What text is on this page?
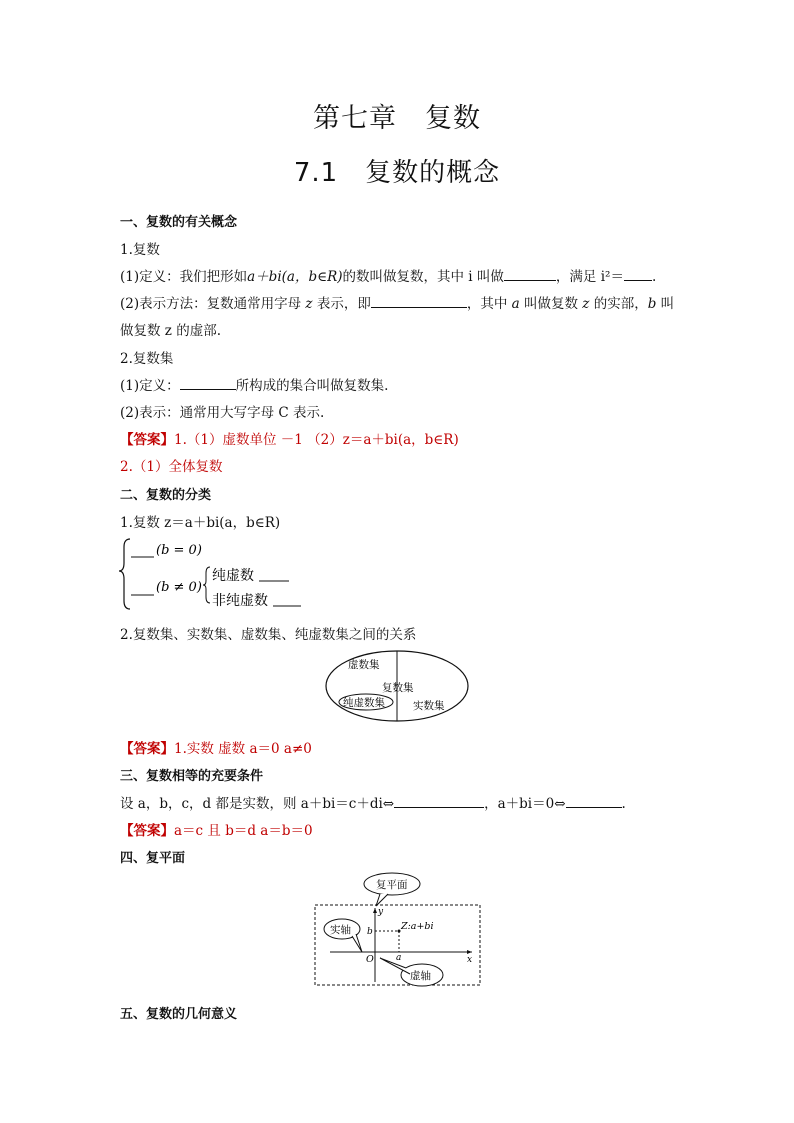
第七章　复数
7.1　复数的概念
一、复数的有关概念
1.复数
(1)定义：我们把形如a＋bi(a，b∈R)的数叫做复数，其中 i 叫做	，满足 i²＝ .
(2)表示方法：复数通常用字母 z 表示，即	，其中 a 叫做复数 z 的实部，b 叫
做复数 z 的虚部.
2.复数集
(1)定义：	所构成的集合叫做复数集.
(2)表示：通常用大写字母 C 表示.
【答案】1.（1）虚数单位 －1 （2）z＝a＋bi(a，b∈R)
2.（1）全体复数
二、复数的分类
1.复数 z＝a＋bi(a，b∈R)
(b = 0)
(b ≠ 0)
纯虚数
非纯虚数
2.复数集、实数集、虚数集、纯虚数集之间的关系
虚数集
复数集
纯虚数集	实数集
【答案】1.实数 虚数 a＝0 a≠0
三、复数相等的充要条件
设 a，b，c，d 都是实数，则 a＋bi＝c＋di⇔	，a＋bi＝0⇔	.
【答案】a＝c 且 b＝d a＝b＝0
四、复平面
Z:a+bi
y
x
O a
b
复平面
实轴
虚轴
五、复数的几何意义
